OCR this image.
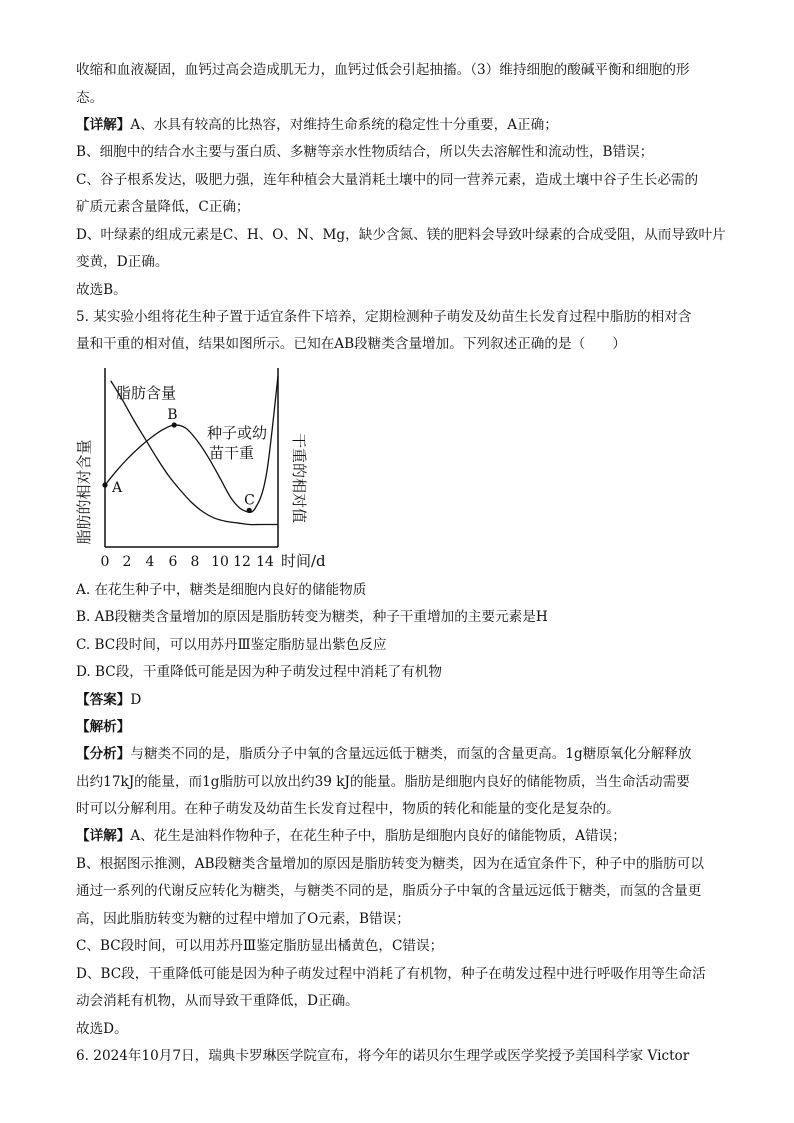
收缩和血液凝固，血钙过高会造成肌无力，血钙过低会引起抽搐。（3）维持细胞的酸碱平衡和细胞的形
态。
【详解】A、水具有较高的比热容，对维持生命系统的稳定性十分重要，A正确；
B、细胞中的结合水主要与蛋白质、多糖等亲水性物质结合，所以失去溶解性和流动性，B错误；
C、谷子根系发达，吸肥力强，连年种植会大量消耗土壤中的同一营养元素，造成土壤中谷子生长必需的
矿质元素含量降低，C正确；
D、叶绿素的组成元素是C、H、O、N、Mg，缺少含氮、镁的肥料会导致叶绿素的合成受阻，从而导致叶片
变黄，D正确。
故选B。
5. 某实验小组将花生种子置于适宜条件下培养，定期检测种子萌发及幼苗生长发育过程中脂肪的相对含
量和干重的相对值，结果如图所示。已知在AB段糖类含量增加。下列叙述正确的是（　　）
A. 在花生种子中，糖类是细胞内良好的储能物质
B. AB段糖类含量增加的原因是脂肪转变为糖类，种子干重增加的主要元素是H
C. BC段时间，可以用苏丹Ⅲ鉴定脂肪显出紫色反应
D. BC段，干重降低可能是因为种子萌发过程中消耗了有机物
【答案】D
【解析】
【分析】与糖类不同的是，脂质分子中氧的含量远远低于糖类，而氢的含量更高。1g糖原氧化分解释放
出约17kJ的能量，而1g脂肪可以放出约39 kJ的能量。脂肪是细胞内良好的储能物质，当生命活动需要
时可以分解利用。在种子萌发及幼苗生长发育过程中，物质的转化和能量的变化是复杂的。
【详解】A、花生是油料作物种子，在花生种子中，脂肪是细胞内良好的储能物质，A错误；
B、根据图示推测，AB段糖类含量增加的原因是脂肪转变为糖类，因为在适宜条件下，种子中的脂肪可以
通过一系列的代谢反应转化为糖类，与糖类不同的是，脂质分子中氧的含量远远低于糖类，而氢的含量更
高，因此脂肪转变为糖的过程中增加了O元素，B错误；
C、BC段时间，可以用苏丹Ⅲ鉴定脂肪显出橘黄色，C错误；
D、BC段，干重降低可能是因为种子萌发过程中消耗了有机物，种子在萌发过程中进行呼吸作用等生命活
动会消耗有机物，从而导致干重降低，D正确。
故选D。
6. 2024年10月7日，瑞典卡罗琳医学院宣布，将今年的诺贝尔生理学或医学奖授予美国科学家 Victor
脂肪的相对含量	干重的相对值
0 2 4 6 8 10 12 14 时间/d
A
B
C
脂肪含量
种子或幼
苗干重
